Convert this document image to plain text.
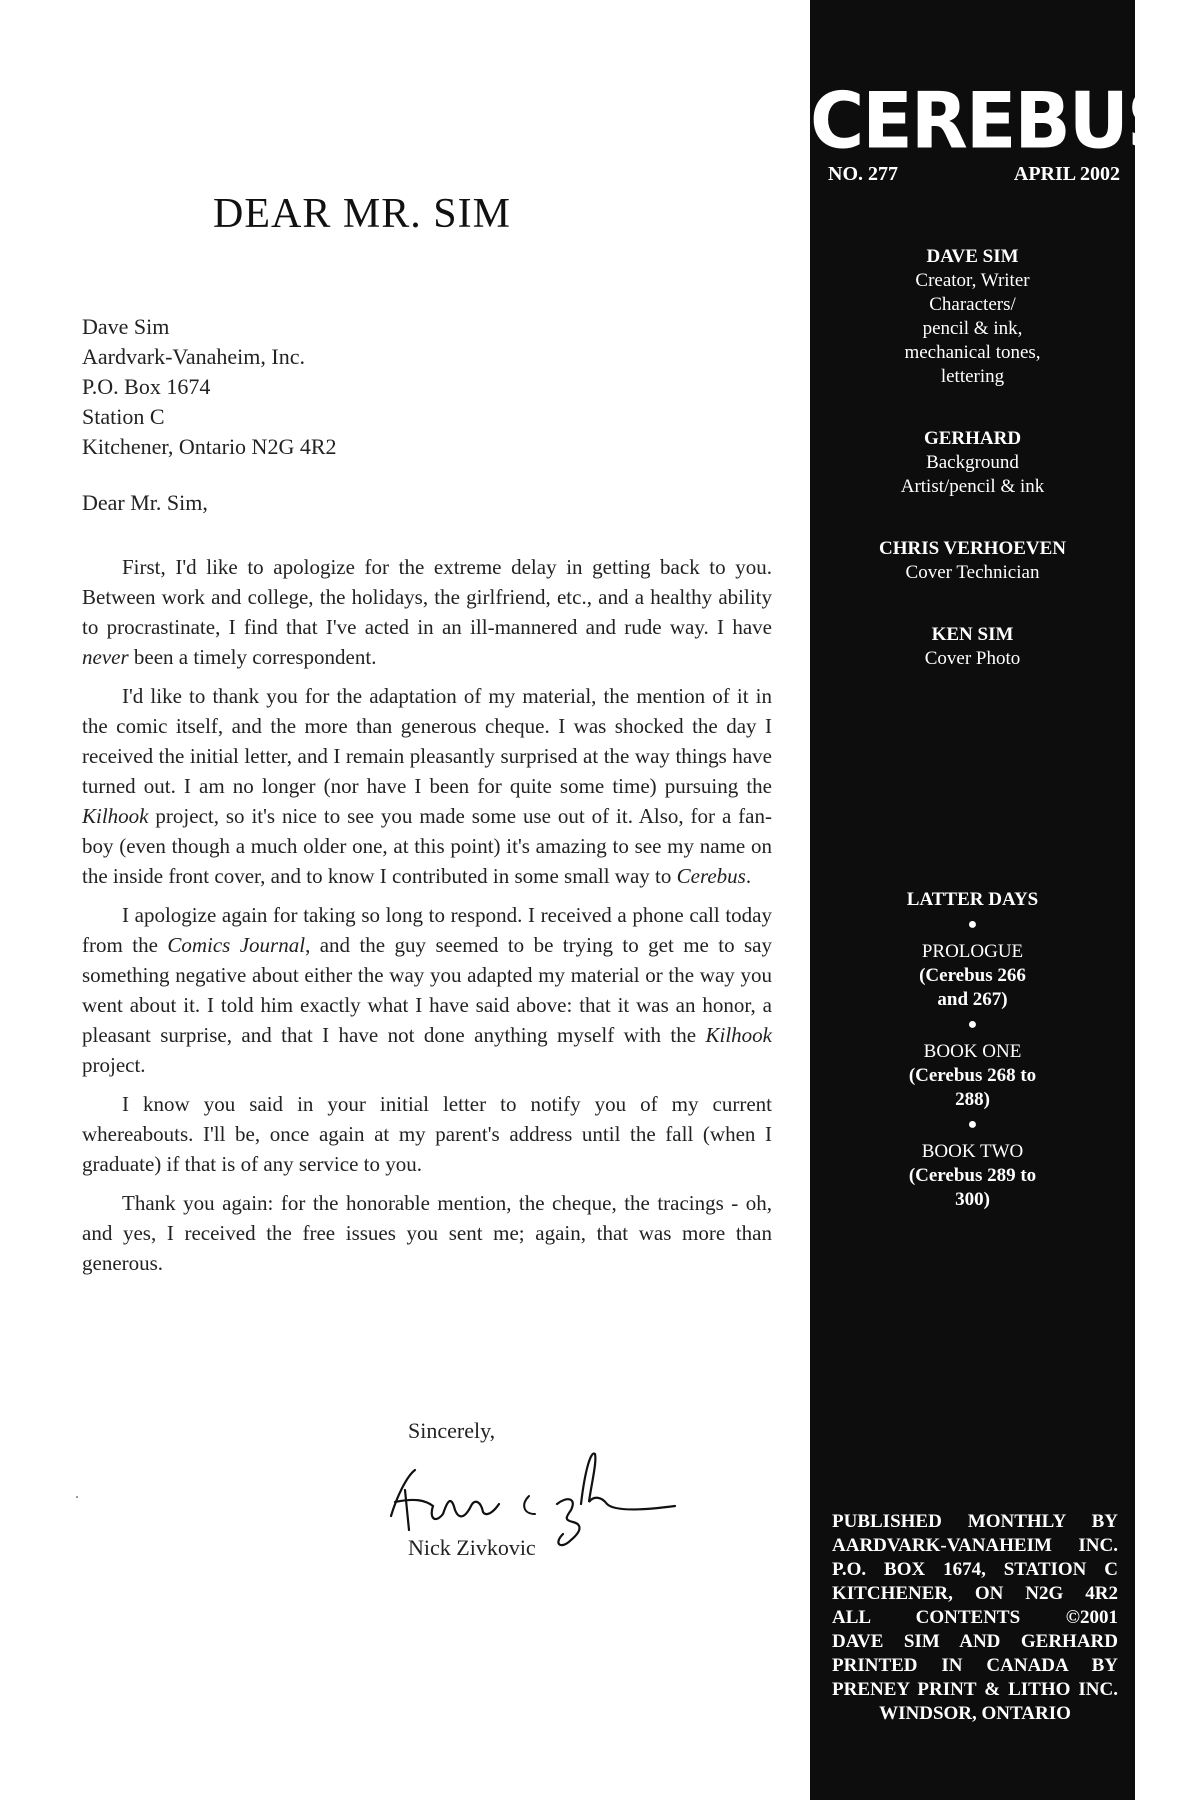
DEAR MR. SIM
Dave Sim
Aardvark-Vanaheim, Inc.
P.O. Box 1674
Station C
Kitchener, Ontario N2G 4R2
Dear Mr. Sim,

First, I'd like to apologize for the extreme delay in getting back to you. Between work and college, the holidays, the girlfriend, etc., and a healthy ability to procrastinate, I find that I've acted in an ill-mannered and rude way. I have never been a timely correspondent.

I'd like to thank you for the adaptation of my material, the mention of it in the comic itself, and the more than generous cheque. I was shocked the day I received the initial letter, and I remain pleasantly surprised at the way things have turned out. I am no longer (nor have I been for quite some time) pursuing the Kilhook project, so it's nice to see you made some use out of it. Also, for a fan-boy (even though a much older one, at this point) it's amazing to see my name on the inside front cover, and to know I contributed in some small way to Cerebus.

I apologize again for taking so long to respond. I received a phone call today from the Comics Journal, and the guy seemed to be trying to get me to say something negative about either the way you adapted my material or the way you went about it. I told him exactly what I have said above: that it was an honor, a pleasant surprise, and that I have not done anything myself with the Kilhook project.

I know you said in your initial letter to notify you of my current whereabouts. I'll be, once again at my parent's address until the fall (when I graduate) if that is of any service to you.

Thank you again: for the honorable mention, the cheque, the tracings - oh, and yes, I received the free issues you sent me; again, that was more than generous.

Sincerely,
Nick Zivkovic
CEREBUS
NO. 277	APRIL 2002
DAVE SIM
Creator, Writer
Characters/
pencil & ink,
mechanical tones,
lettering
GERHARD
Background
Artist/pencil & ink
CHRIS VERHOEVEN
Cover Technician
KEN SIM
Cover Photo
LATTER DAYS
●
PROLOGUE
(Cerebus 266
and 267)
●
BOOK ONE
(Cerebus 268 to
288)
●
BOOK TWO
(Cerebus 289 to
300)
PUBLISHED MONTHLY BY
AARDVARK-VANAHEIM INC.
P.O. BOX 1674, STATION C
KITCHENER, ON N2G 4R2
ALL CONTENTS ©2001
DAVE SIM AND GERHARD
PRINTED IN CANADA BY
PRENEY PRINT & LITHO INC.
WINDSOR, ONTARIO
